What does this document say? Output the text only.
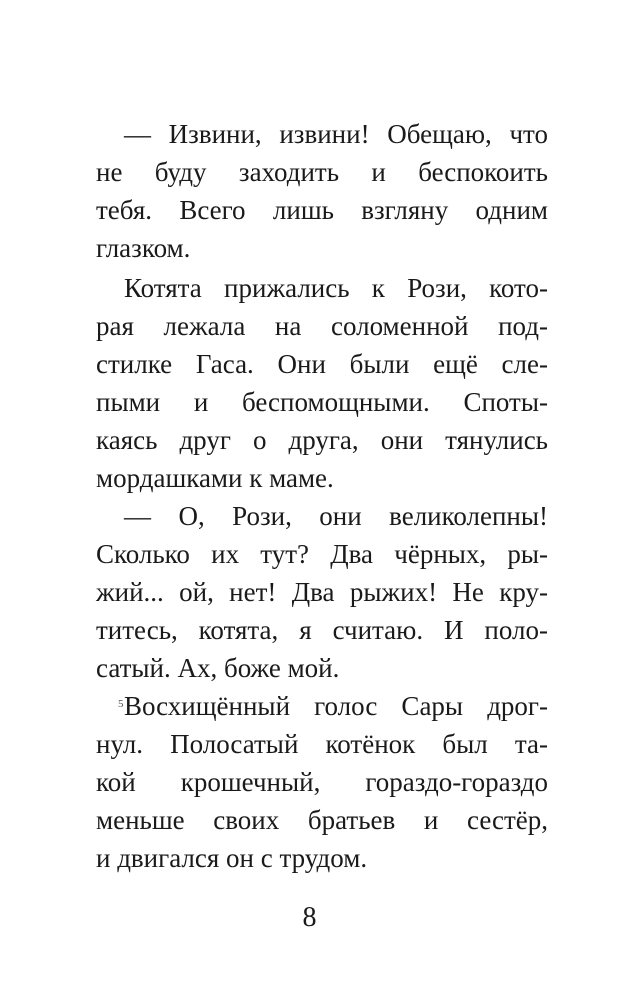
— Извини, извини! Обещаю, что
не буду заходить и беспокоить
тебя. Всего лишь взгляну одним
глазком.
Котята прижались к Рози, кото-
рая лежала на соломенной под-
стилке Гаса. Они были ещё сле-
пыми и беспомощными. Споты-
каясь друг о друга, они тянулись
мордашками к маме.
— О, Рози, они великолепны!
Сколько их тут? Два чёрных, ры-
жий... ой, нет! Два рыжих! Не кру-
титесь, котята, я считаю. И поло-
сатый. Ах, боже мой.
5 Восхищённый голос Сары дрог-
нул. Полосатый котёнок был та-
кой крошечный, гораздо-гораздо
меньше своих братьев и сестёр,
и двигался он с трудом.
8
